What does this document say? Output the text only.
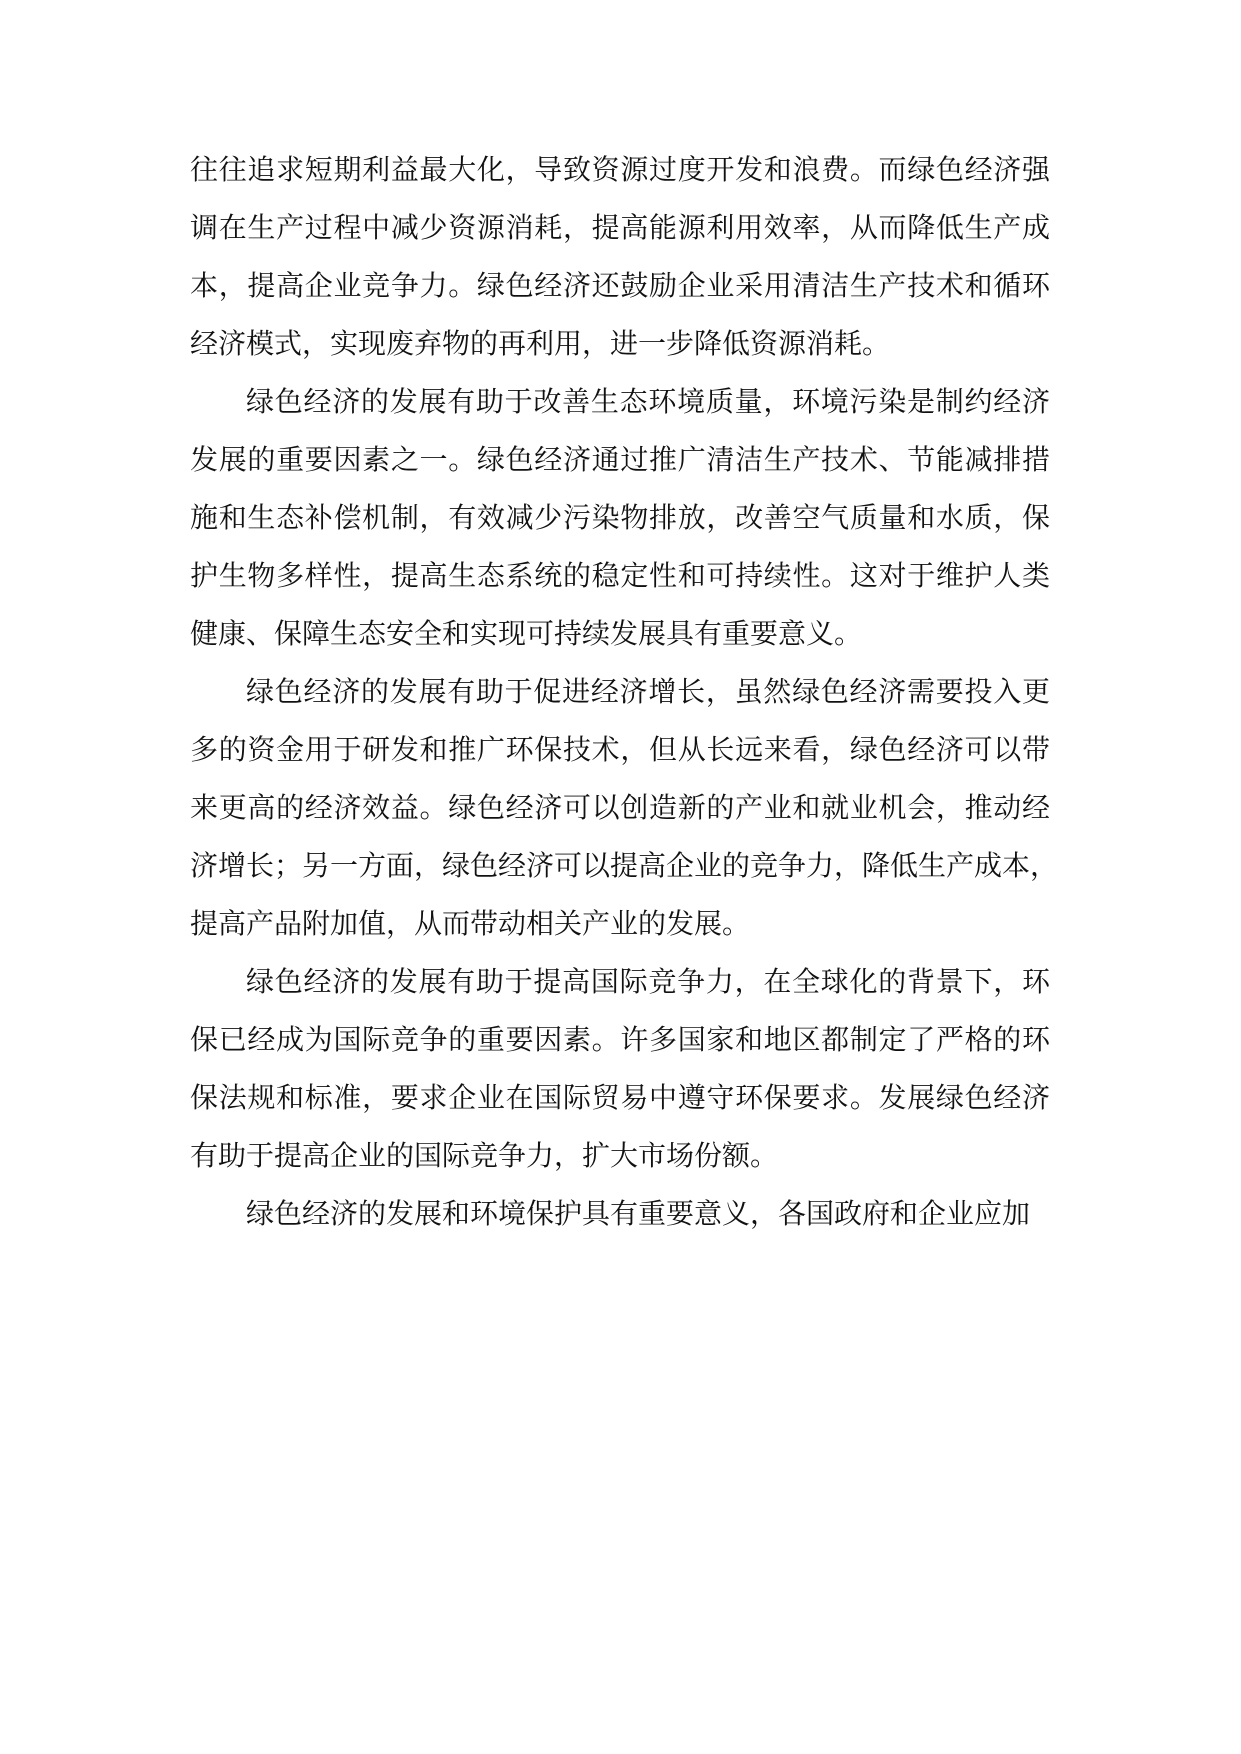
往往追求短期利益最大化，导致资源过度开发和浪费。而绿色经济强
调在生产过程中减少资源消耗，提高能源利用效率，从而降低生产成
本，提高企业竞争力。绿色经济还鼓励企业采用清洁生产技术和循环
经济模式，实现废弃物的再利用，进一步降低资源消耗。
绿色经济的发展有助于改善生态环境质量，环境污染是制约经济
发展的重要因素之一。绿色经济通过推广清洁生产技术、节能减排措
施和生态补偿机制，有效减少污染物排放，改善空气质量和水质，保
护生物多样性，提高生态系统的稳定性和可持续性。这对于维护人类
健康、保障生态安全和实现可持续发展具有重要意义。
绿色经济的发展有助于促进经济增长，虽然绿色经济需要投入更
多的资金用于研发和推广环保技术，但从长远来看，绿色经济可以带
来更高的经济效益。绿色经济可以创造新的产业和就业机会，推动经
济增长；另一方面，绿色经济可以提高企业的竞争力，降低生产成本，
提高产品附加值，从而带动相关产业的发展。
绿色经济的发展有助于提高国际竞争力，在全球化的背景下，环
保已经成为国际竞争的重要因素。许多国家和地区都制定了严格的环
保法规和标准，要求企业在国际贸易中遵守环保要求。发展绿色经济
有助于提高企业的国际竞争力，扩大市场份额。
绿色经济的发展和环境保护具有重要意义，各国政府和企业应加
